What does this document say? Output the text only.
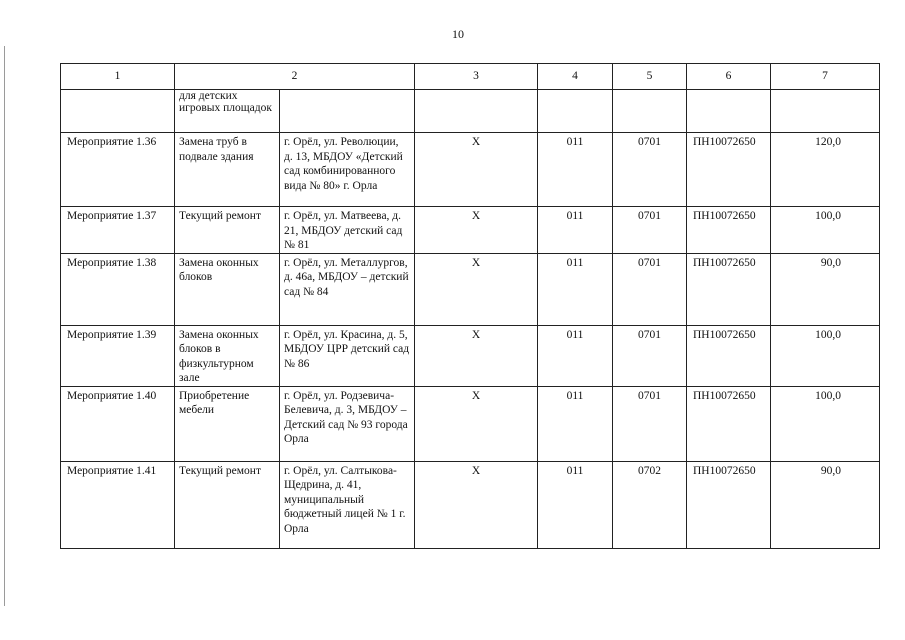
10
1	2		3	4	5	6	7
	для детских игровых площадок						
Мероприятие 1.36	Замена труб в подвале здания	г. Орёл, ул. Революции, д. 13, МБДОУ «Детский сад комбинированного вида № 80» г. Орла	Х	011	0701	ПН10072650	120,0
Мероприятие 1.37	Текущий ремонт	г. Орёл, ул. Матвеева, д. 21, МБДОУ детский сад № 81	Х	011	0701	ПН10072650	100,0
Мероприятие 1.38	Замена оконных блоков	г. Орёл, ул. Металлургов, д. 46а, МБДОУ – детский сад № 84	Х	011	0701	ПН10072650	90,0
Мероприятие 1.39	Замена оконных блоков в физкультурном зале	г. Орёл, ул. Красина, д. 5, МБДОУ ЦРР детский сад № 86	Х	011	0701	ПН10072650	100,0
Мероприятие 1.40	Приобретение мебели	г. Орёл, ул. Родзевича-Белевича, д. 3, МБДОУ – Детский сад № 93 города Орла	Х	011	0701	ПН10072650	100,0
Мероприятие 1.41	Текущий ремонт	г. Орёл, ул. Салтыкова-Щедрина, д. 41, муниципальный бюджетный лицей № 1 г. Орла	Х	011	0702	ПН10072650	90,0
